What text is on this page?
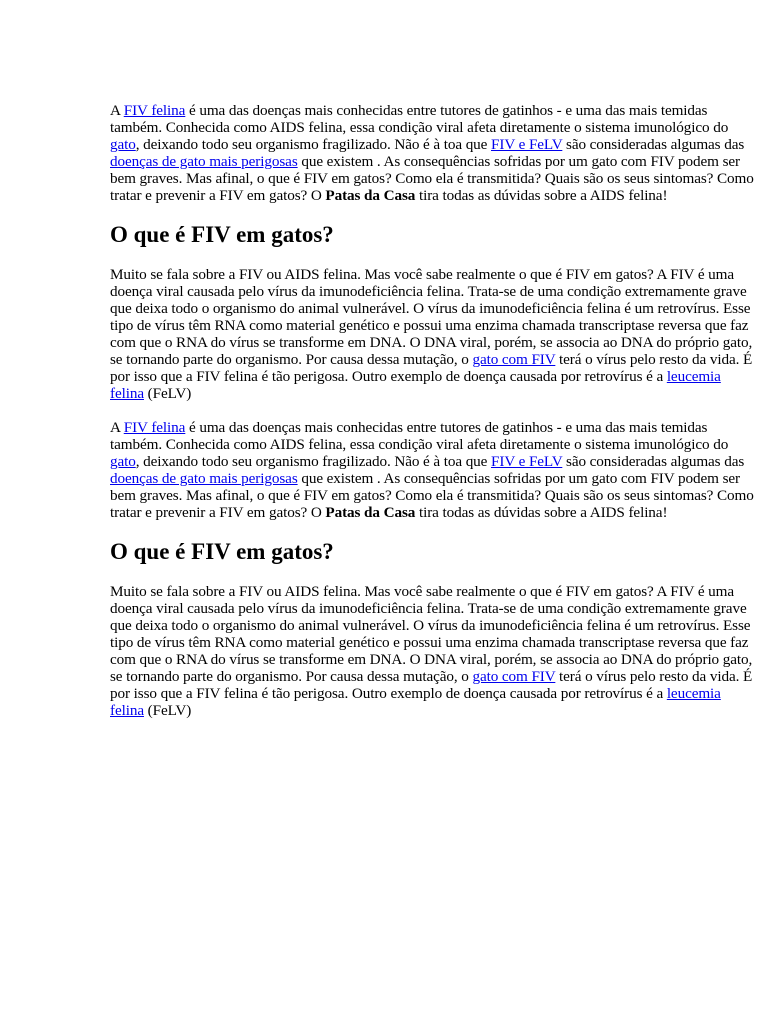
A FIV felina é uma das doenças mais conhecidas entre tutores de gatinhos - e uma das mais temidas também. Conhecida como AIDS felina, essa condição viral afeta diretamente o sistema imunológico do gato, deixando todo seu organismo fragilizado. Não é à toa que FIV e FeLV são consideradas algumas das doenças de gato mais perigosas que existem . As consequências sofridas por um gato com FIV podem ser bem graves. Mas afinal, o que é FIV em gatos? Como ela é transmitida? Quais são os seus sintomas? Como tratar e prevenir a FIV em gatos? O Patas da Casa tira todas as dúvidas sobre a AIDS felina!

O que é FIV em gatos?

Muito se fala sobre a FIV ou AIDS felina. Mas você sabe realmente o que é FIV em gatos? A FIV é uma doença viral causada pelo vírus da imunodeficiência felina. Trata-se de uma condição extremamente grave que deixa todo o organismo do animal vulnerável. O vírus da imunodeficiência felina é um retrovírus. Esse tipo de vírus têm RNA como material genético e possui uma enzima chamada transcriptase reversa que faz com que o RNA do vírus se transforme em DNA. O DNA viral, porém, se associa ao DNA do próprio gato, se tornando parte do organismo. Por causa dessa mutação, o gato com FIV terá o vírus pelo resto da vida. É por isso que a FIV felina é tão perigosa. Outro exemplo de doença causada por retrovírus é a leucemia felina (FeLV)

A FIV felina é uma das doenças mais conhecidas entre tutores de gatinhos - e uma das mais temidas também. Conhecida como AIDS felina, essa condição viral afeta diretamente o sistema imunológico do gato, deixando todo seu organismo fragilizado. Não é à toa que FIV e FeLV são consideradas algumas das doenças de gato mais perigosas que existem . As consequências sofridas por um gato com FIV podem ser bem graves. Mas afinal, o que é FIV em gatos? Como ela é transmitida? Quais são os seus sintomas? Como tratar e prevenir a FIV em gatos? O Patas da Casa tira todas as dúvidas sobre a AIDS felina!

O que é FIV em gatos?

Muito se fala sobre a FIV ou AIDS felina. Mas você sabe realmente o que é FIV em gatos? A FIV é uma doença viral causada pelo vírus da imunodeficiência felina. Trata-se de uma condição extremamente grave que deixa todo o organismo do animal vulnerável. O vírus da imunodeficiência felina é um retrovírus. Esse tipo de vírus têm RNA como material genético e possui uma enzima chamada transcriptase reversa que faz com que o RNA do vírus se transforme em DNA. O DNA viral, porém, se associa ao DNA do próprio gato, se tornando parte do organismo. Por causa dessa mutação, o gato com FIV terá o vírus pelo resto da vida. É por isso que a FIV felina é tão perigosa. Outro exemplo de doença causada por retrovírus é a leucemia felina (FeLV)
